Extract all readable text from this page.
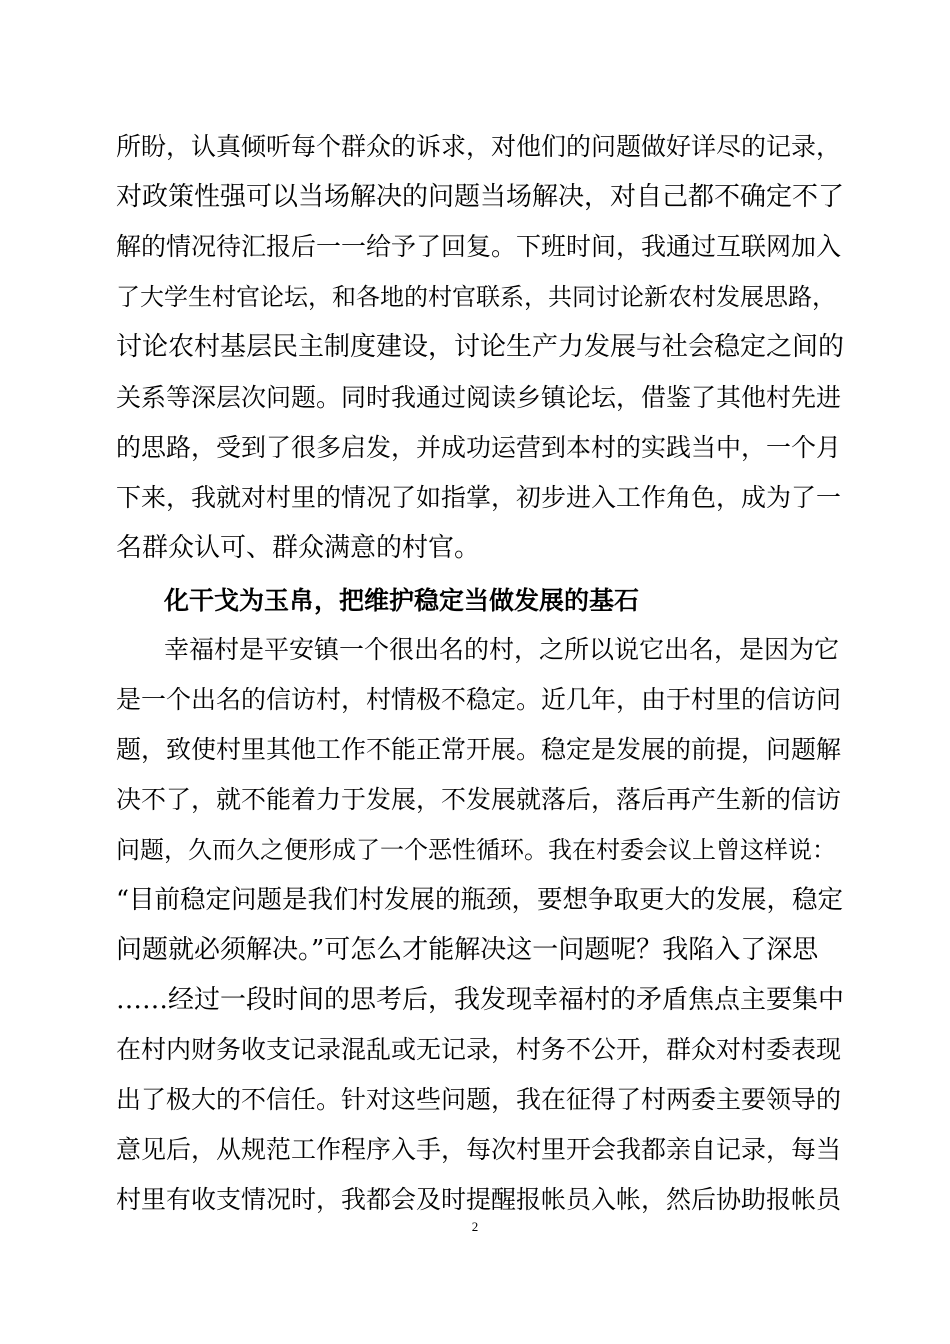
所盼，认真倾听每个群众的诉求，对他们的问题做好详尽的记录，
对政策性强可以当场解决的问题当场解决，对自己都不确定不了
解的情况待汇报后一一给予了回复。下班时间，我通过互联网加入
了大学生村官论坛，和各地的村官联系，共同讨论新农村发展思路，
讨论农村基层民主制度建设，讨论生产力发展与社会稳定之间的
关系等深层次问题。同时我通过阅读乡镇论坛，借鉴了其他村先进
的思路，受到了很多启发，并成功运营到本村的实践当中，一个月
下来，我就对村里的情况了如指掌，初步进入工作角色，成为了一
名群众认可、群众满意的村官。
化干戈为玉帛，把维护稳定当做发展的基石
幸福村是平安镇一个很出名的村，之所以说它出名，是因为它
是一个出名的信访村，村情极不稳定。近几年，由于村里的信访问
题，致使村里其他工作不能正常开展。稳定是发展的前提，问题解
决不了，就不能着力于发展，不发展就落后，落后再产生新的信访
问题，久而久之便形成了一个恶性循环。我在村委会议上曾这样说：
“目前稳定问题是我们村发展的瓶颈，要想争取更大的发展，稳定
问题就必须解决。”可怎么才能解决这一问题呢？我陷入了深思
……经过一段时间的思考后，我发现幸福村的矛盾焦点主要集中
在村内财务收支记录混乱或无记录，村务不公开，群众对村委表现
出了极大的不信任。针对这些问题，我在征得了村两委主要领导的
意见后，从规范工作程序入手，每次村里开会我都亲自记录，每当
村里有收支情况时，我都会及时提醒报帐员入帐，然后协助报帐员
2
